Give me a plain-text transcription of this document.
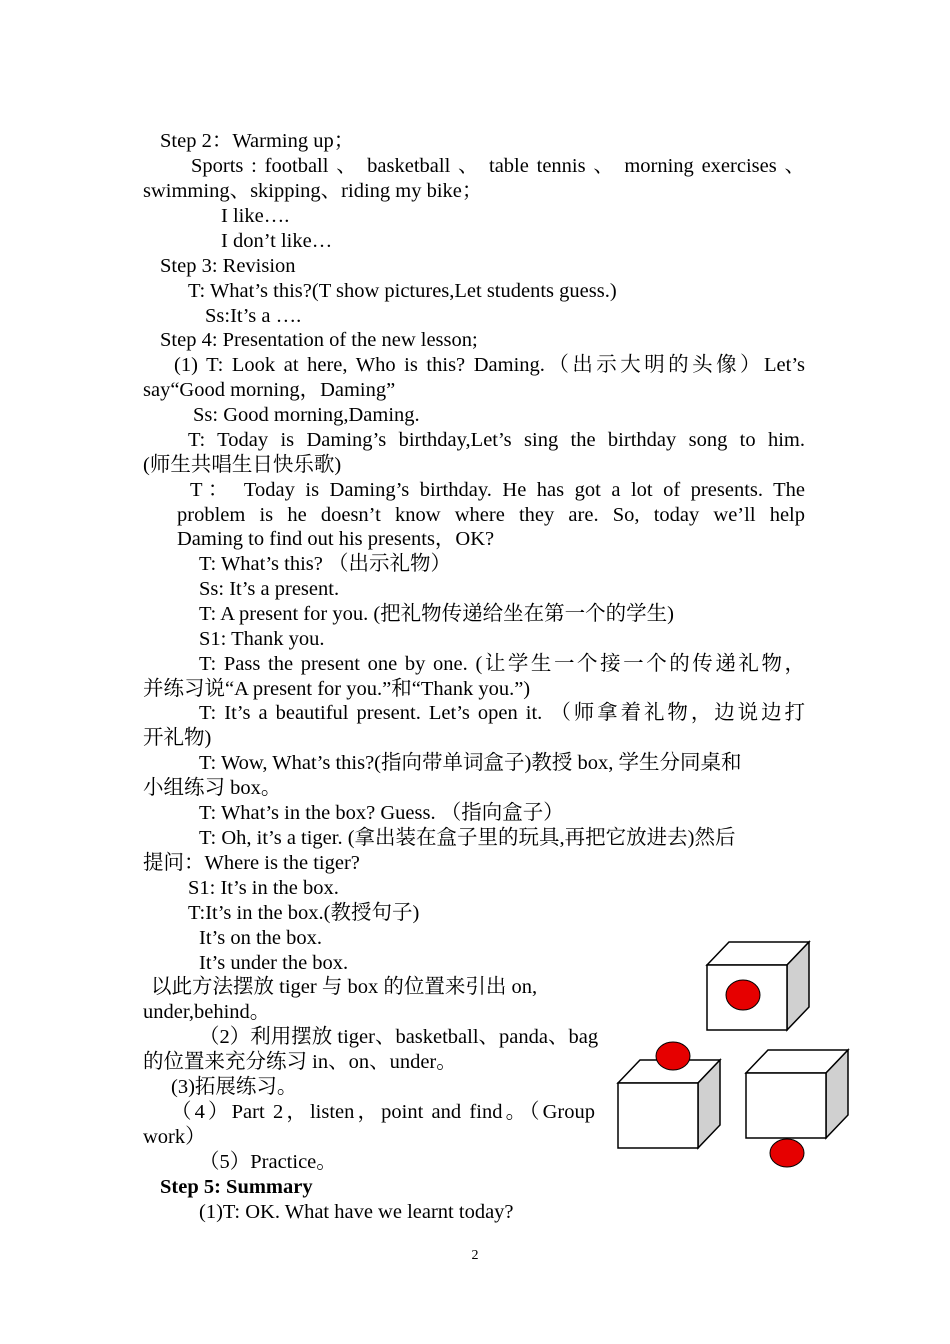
Step 2：Warming up；
Sports : football 、 basketball 、 table tennis 、 morning exercises 、
swimming、skipping、riding my bike；
I like….
I don’t like…
Step 3: Revision
T: What’s this?(T show pictures,Let students guess.)
Ss:It’s a ….
Step 4: Presentation of the new lesson;
(1) T: Look at here, Who is this? Daming.（出示大明的头像）Let’s
say“Good morning，Daming”
Ss: Good morning,Daming.
T: Today is Daming’s birthday,Let’s sing the birthday song to him.
(师生共唱生日快乐歌)
T： Today is Daming’s birthday. He has got a lot of presents. The
problem is he doesn’t know where they are. So, today we’ll help
Daming to find out his presents，OK?
T: What’s this? （出示礼物）
Ss: It’s a present.
T: A present for you. (把礼物传递给坐在第一个的学生)
S1: Thank you.
T: Pass the present one by one. (让学生一个接一个的传递礼物，
并练习说“A present for you.”和“Thank you.”)
T: It’s a beautiful present. Let’s open it. （师拿着礼物，边说边打
开礼物)
T: Wow, What’s this?(指向带单词盒子)教授 box, 学生分同桌和
小组练习 box。
T: What’s in the box? Guess. （指向盒子）
T: Oh, it’s a tiger. (拿出装在盒子里的玩具,再把它放进去)然后
提问：Where is the tiger?
S1: It’s in the box.
T:It’s in the box.(教授句子)
It’s on the box.
It’s under the box.
以此方法摆放 tiger 与 box 的位置来引出 on,
under,behind。
（2）利用摆放 tiger、basketball、panda、bag
的位置来充分练习 in、on、under。
(3)拓展练习。
（4）Part 2，listen，point and find。（Group
work）
（5）Practice。
Step 5: Summary
(1)T: OK. What have we learnt today?
2
